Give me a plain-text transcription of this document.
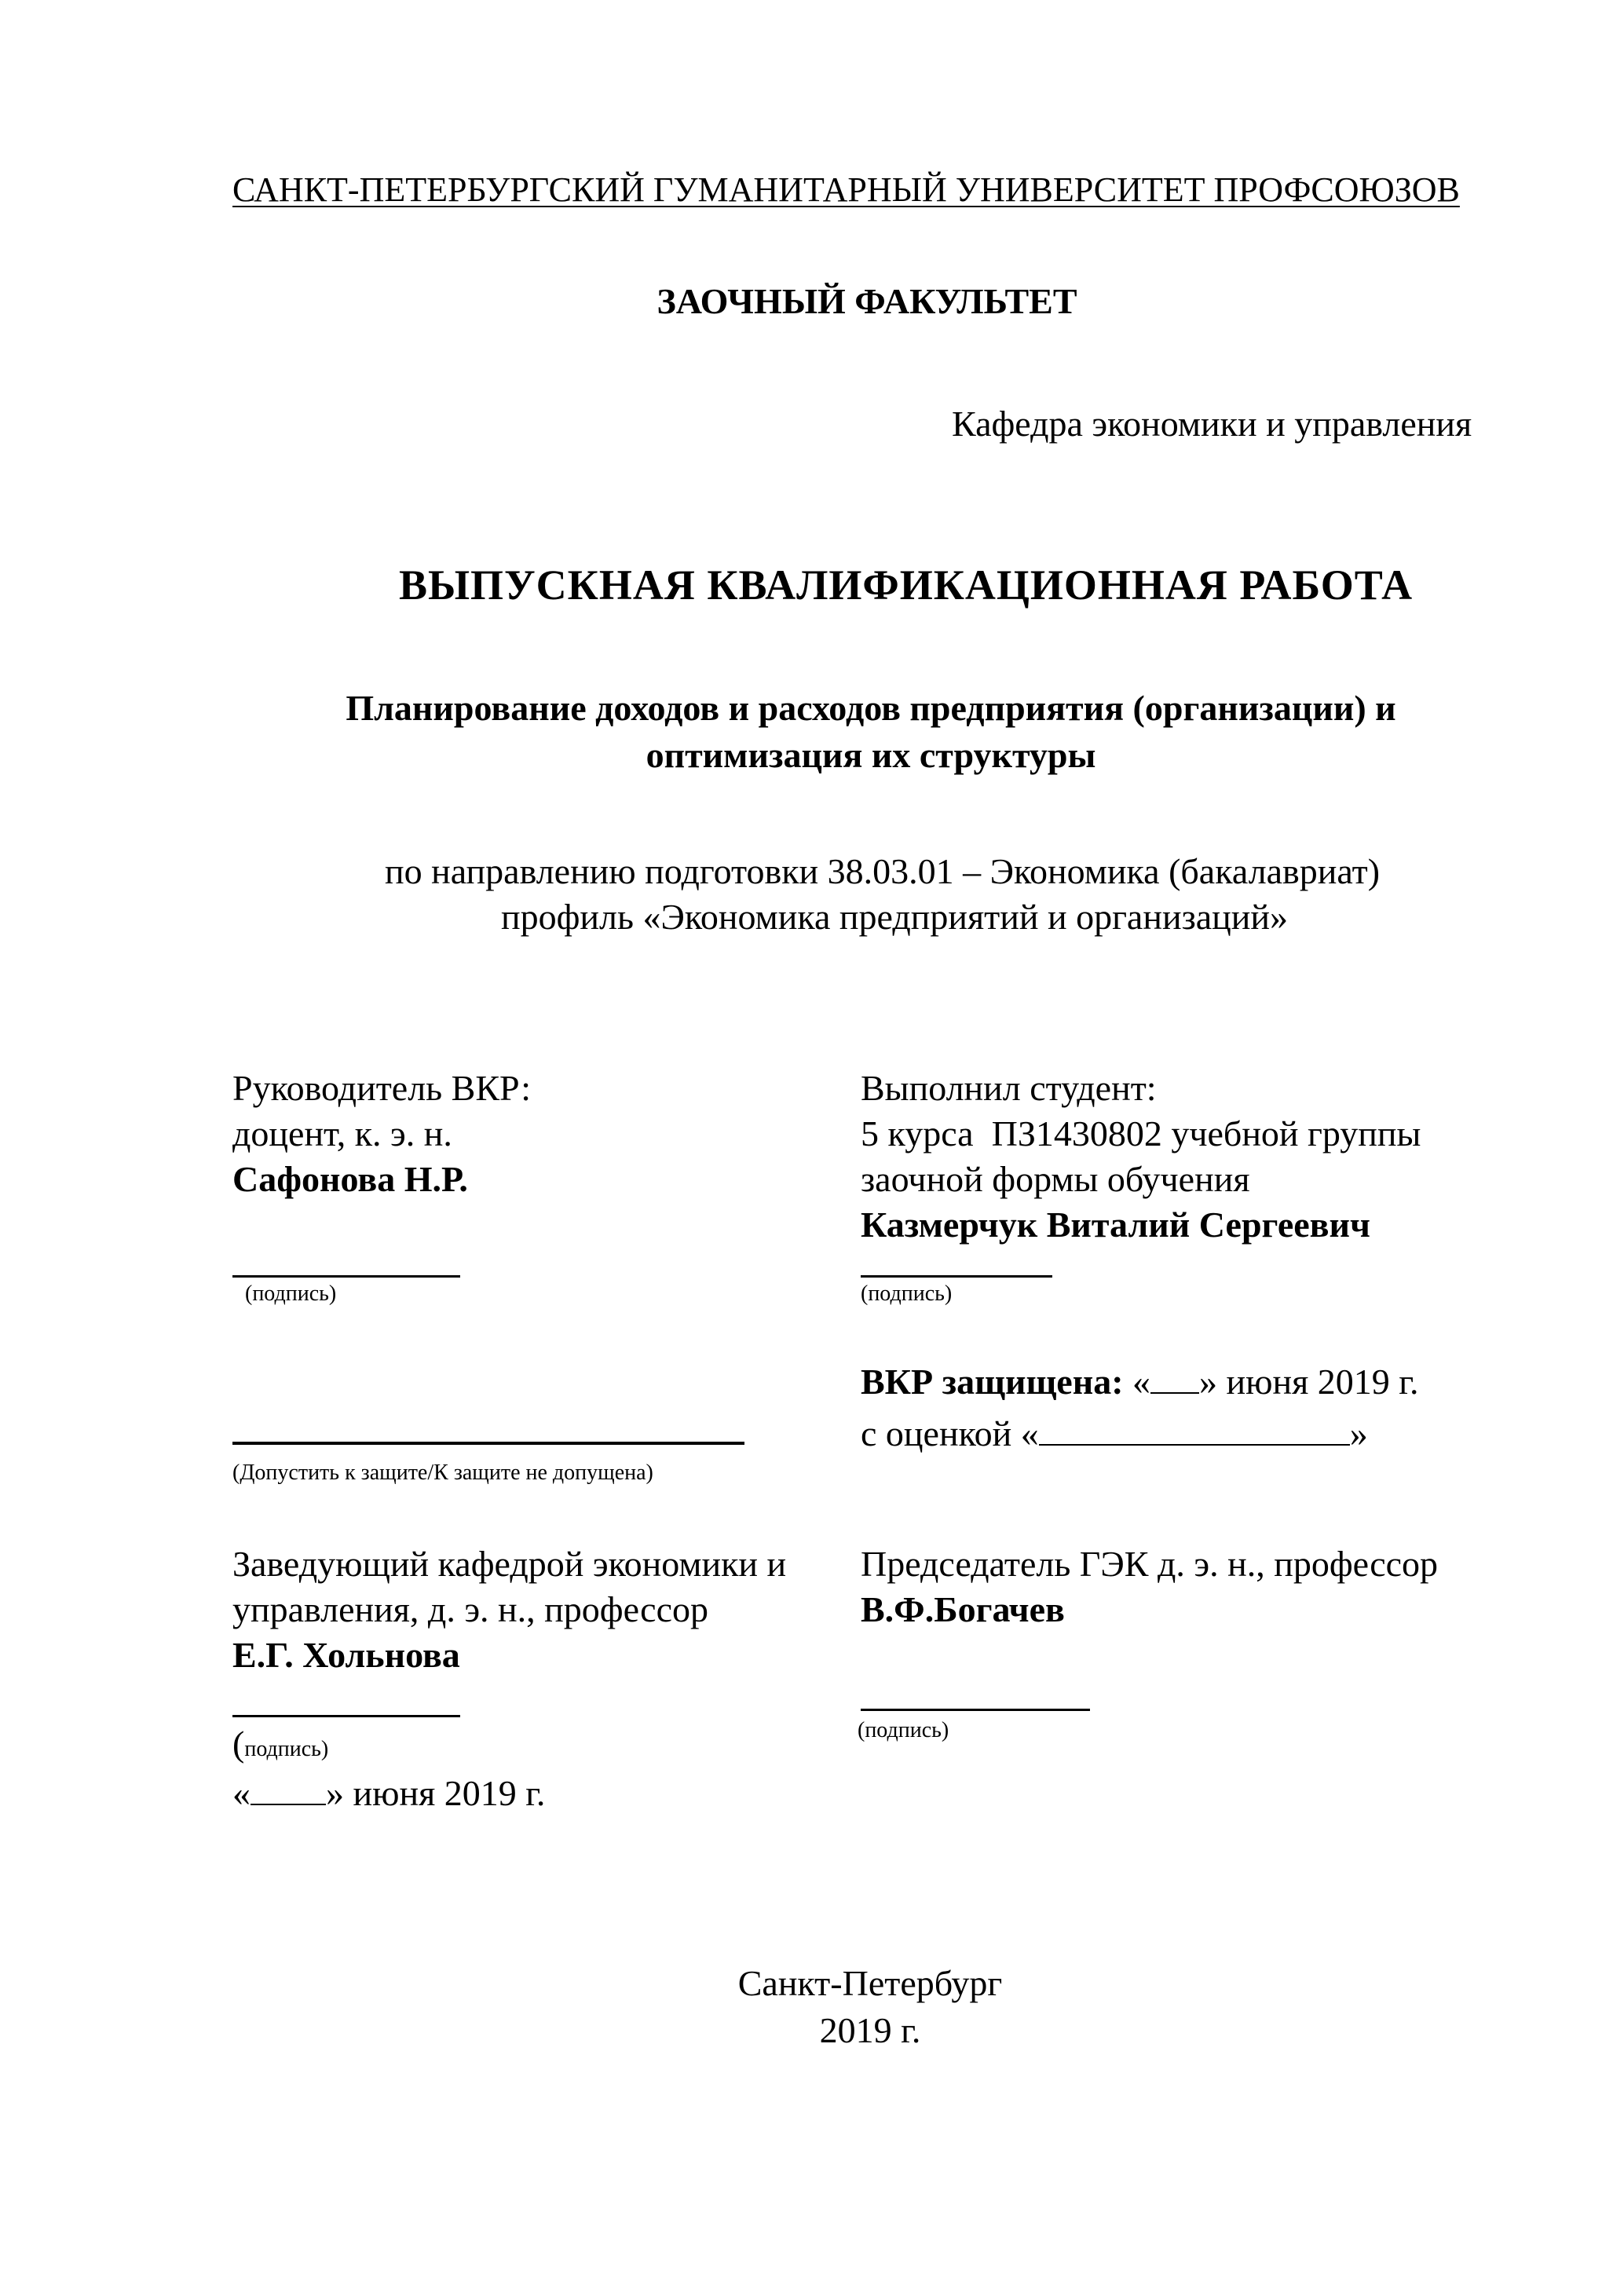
САНКТ-ПЕТЕРБУРГСКИЙ ГУМАНИТАРНЫЙ УНИВЕРСИТЕТ ПРОФСОЮЗОВ
ЗАОЧНЫЙ ФАКУЛЬТЕТ
Кафедра экономики и управления
ВЫПУСКНАЯ КВАЛИФИКАЦИОННАЯ РАБОТА
Планирование доходов и расходов предприятия (организации) и
оптимизация их структуры
по направлению подготовки 38.03.01 – Экономика (бакалавриат)
профиль «Экономика предприятий и организаций»
Руководитель ВКР:
доцент, к. э. н.
Сафонова Н.Р.
(подпись)
Выполнил студент:
5 курса  ПЗ1430802 учебной группы
заочной формы обучения
Казмерчук Виталий Сергеевич
(подпись)
ВКР защищена: « » июня 2019 г.
с оценкой «	»
(Допустить к защите/К защите не допущена)
Заведующий кафедрой экономики и
управления, д. э. н., профессор
Е.Г. Хольнова
(подпись)
« » июня 2019 г.
Председатель ГЭК д. э. н., профессор
В.Ф.Богачев
(подпись)
Санкт-Петербург
2019 г.
